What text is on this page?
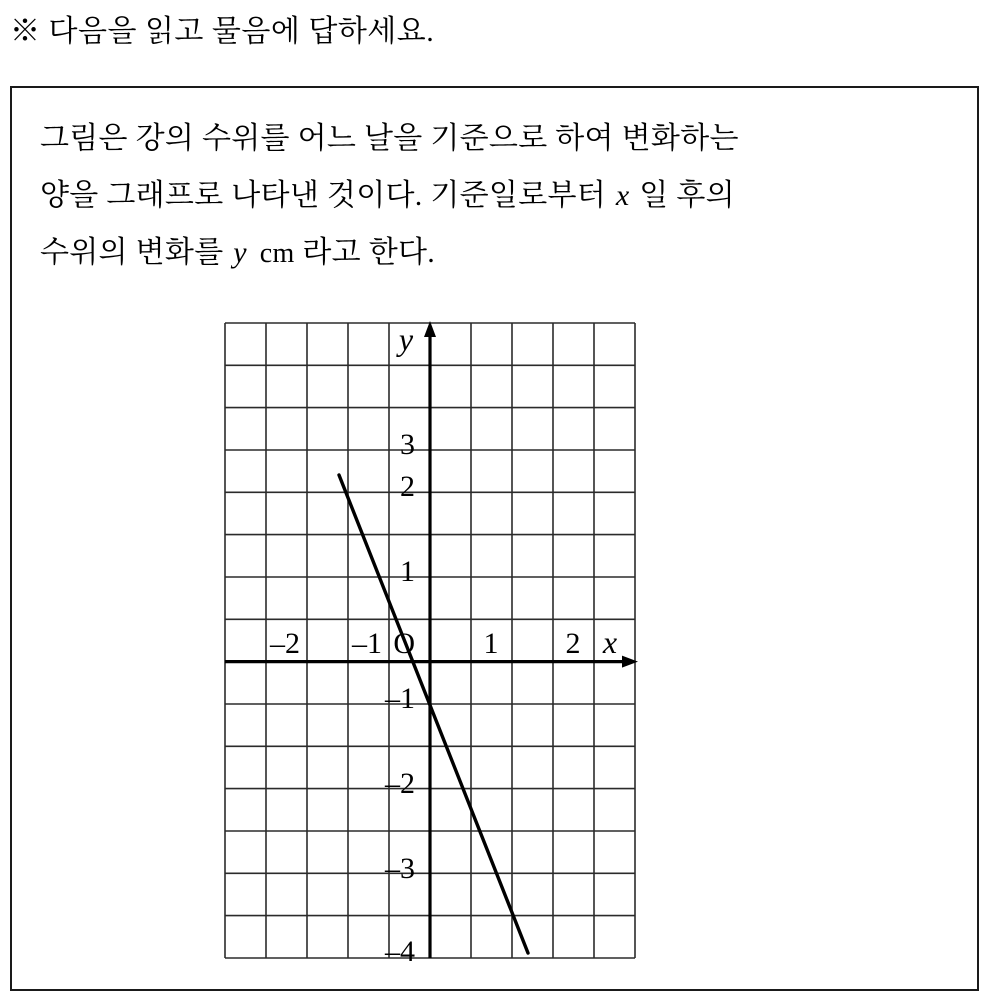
※ 다음을 읽고 물음에 답하세요.
그림은 강의 수위를 어느 날을 기준으로 하여 변화하는
양을 그래프로 나타낸 것이다. 기준일로부터 x 일 후의
수위의 변화를 y cm 라고 한다.
–2 –1	1 2
3
2
1
–1
–2
–3
–4
O
y
x
